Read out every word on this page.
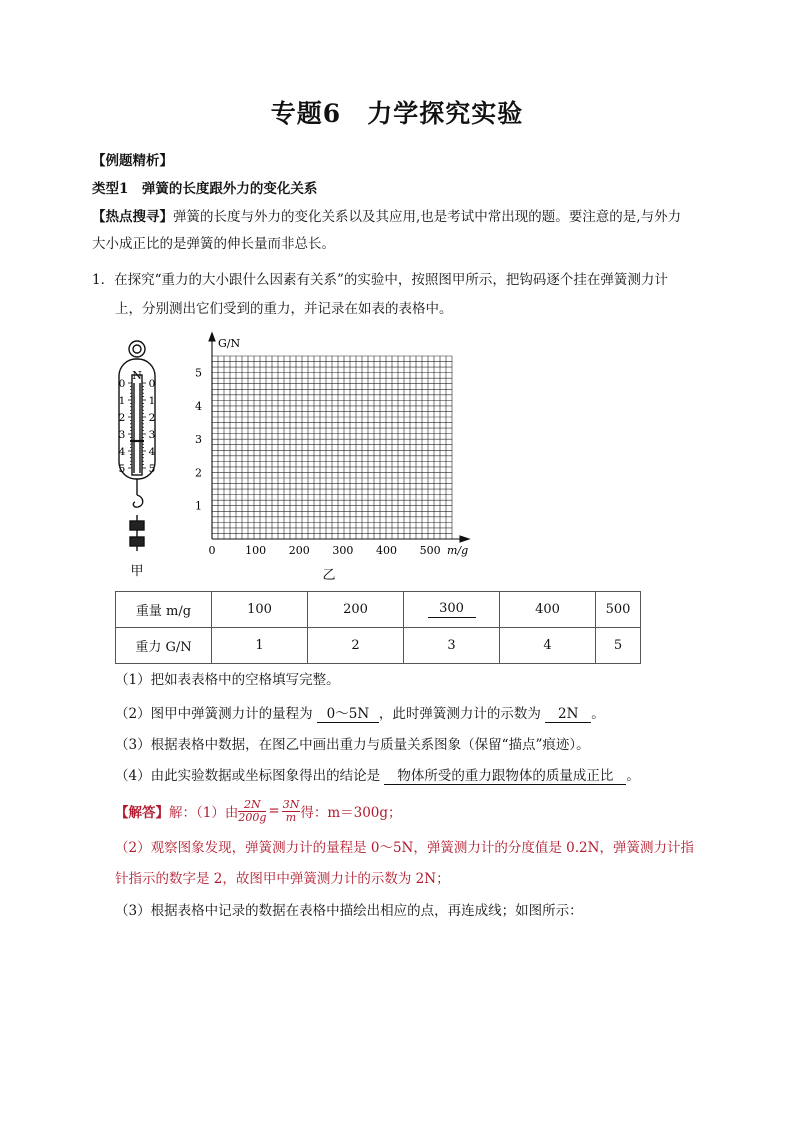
专题6　力学探究实验
【例题精析】
类型1　弹簧的长度跟外力的变化关系
【热点搜寻】弹簧的长度与外力的变化关系以及其应用,也是考试中常出现的题。要注意的是,与外力
大小成正比的是弹簧的伸长量而非总长。
1．在探究“重力的大小跟什么因素有关系”的实验中，按照图甲所示，把钩码逐个挂在弹簧测力计
上，分别测出它们受到的重力，并记录在如表的表格中。
N
0
1
2
3
4
5
0
1
2
3
4
5
甲
0	100 200 300 400 500
1
2
3
4
5
G/N
m/g
乙
重量 m/g	100	200	300	400	500
重力 G/N	1	2	3	4	5
（1）把如表表格中的空格填写完整。
（2）图甲中弹簧测力计的量程为 0～5N ，此时弹簧测力计的示数为 2N 。
（3）根据表格中数据，在图乙中画出重力与质量关系图象（保留“描点”痕迹）。
（4）由此实验数据或坐标图象得出的结论是 物体所受的重力跟物体的质量成正比 。
【解答】 解：（1）由 $\frac{2N}{200g} = \frac{3N}{m}$ 得：m＝300g；
（2）观察图象发现，弹簧测力计的量程是 0～5N，弹簧测力计的分度值是 0.2N，弹簧测力计指
针指示的数字是 2，故图甲中弹簧测力计的示数为 2N；
（3）根据表格中记录的数据在表格中描绘出相应的点，再连成线；如图所示：
